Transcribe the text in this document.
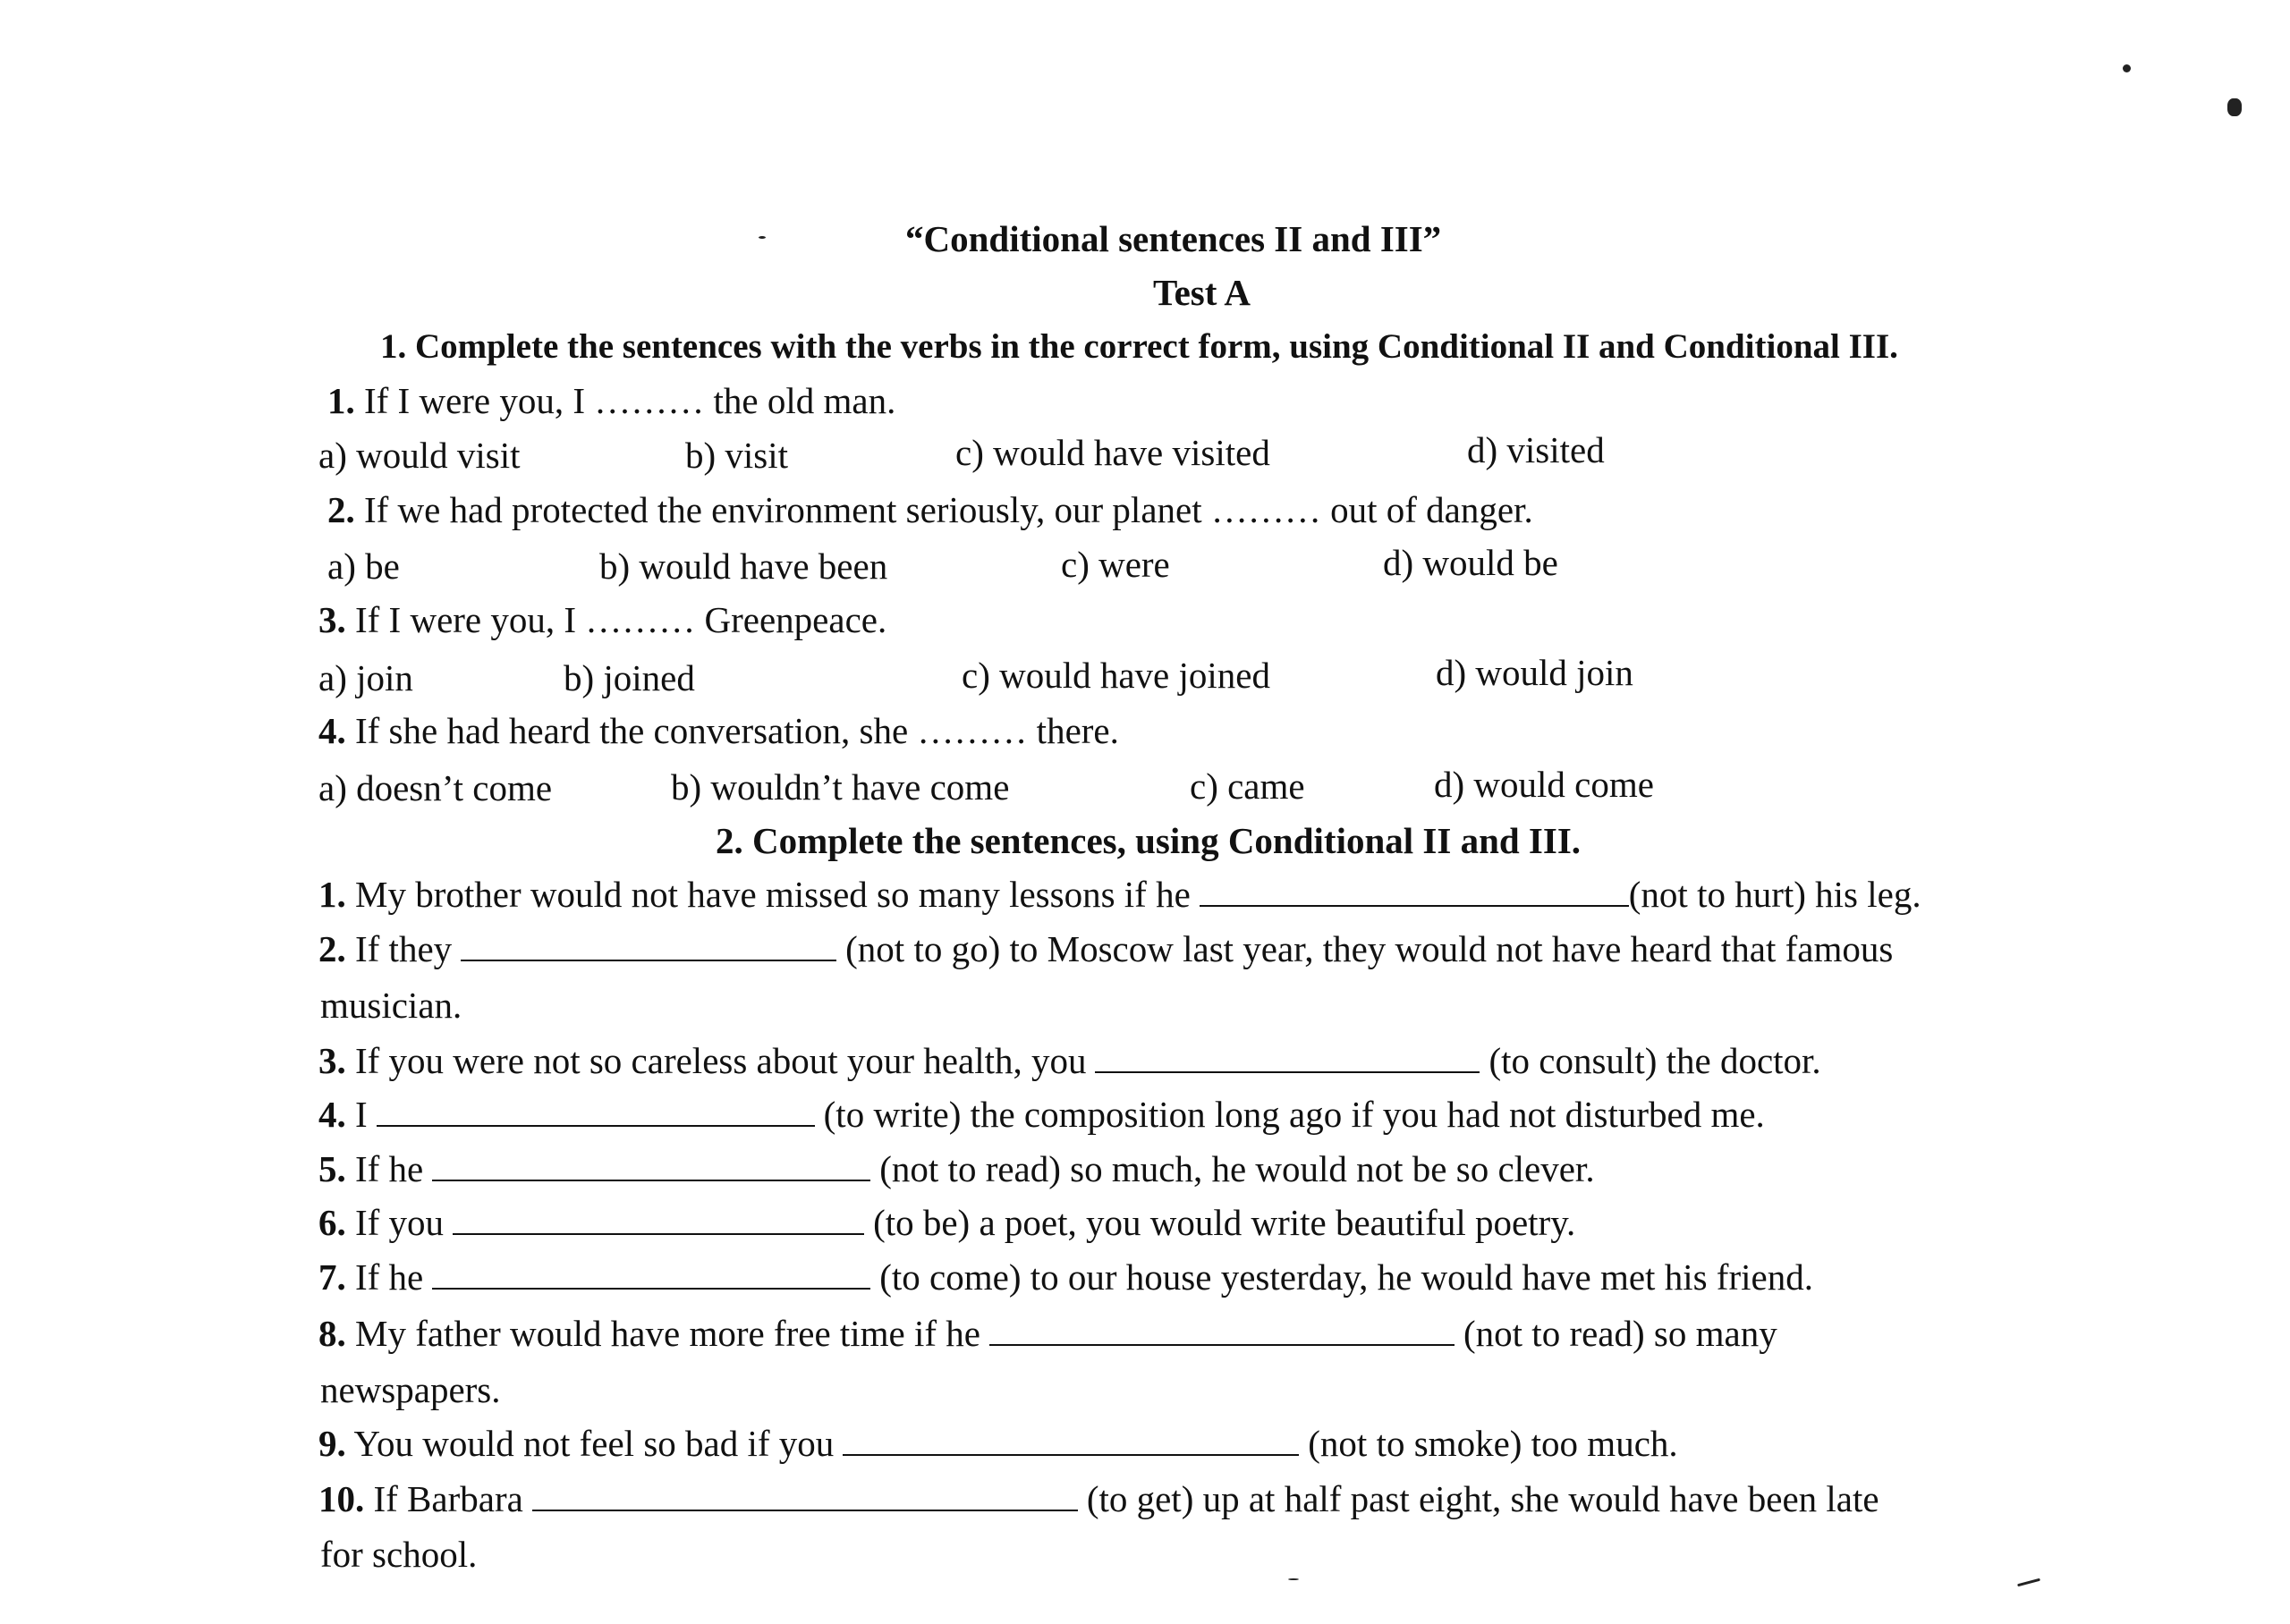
“Conditional sentences II and III”
Test A
1. Complete the sentences with the verbs in the correct form, using Conditional II and Conditional III.
1. If I were you, I ……… the old man.
a) would visit	b) visit	c) would have visited	d) visited
2. If we had protected the environment seriously, our planet ……… out of danger.
a) be	b) would have been	c) were	d) would be
3. If I were you, I ……… Greenpeace.
a) join	b) joined	c) would have joined	d) would join
4. If she had heard the conversation, she ……… there.
a) doesn’t come	b) wouldn’t have come	c) came	d) would come
2. Complete the sentences, using Conditional II and III.
1. My brother would not have missed so many lessons if he	(not to hurt) his leg.
2. If they	(not to go) to Moscow last year, they would not have heard that famous
musician.
3. If you were not so careless about your health, you	(to consult) the doctor.
4. I	(to write) the composition long ago if you had not disturbed me.
5. If he	(not to read) so much, he would not be so clever.
6. If you	(to be) a poet, you would write beautiful poetry.
7. If he	(to come) to our house yesterday, he would have met his friend.
8. My father would have more free time if he	(not to read) so many
newspapers.
9. You would not feel so bad if you	(not to smoke) too much.
10. If Barbara	(to get) up at half past eight, she would have been late
for school.
